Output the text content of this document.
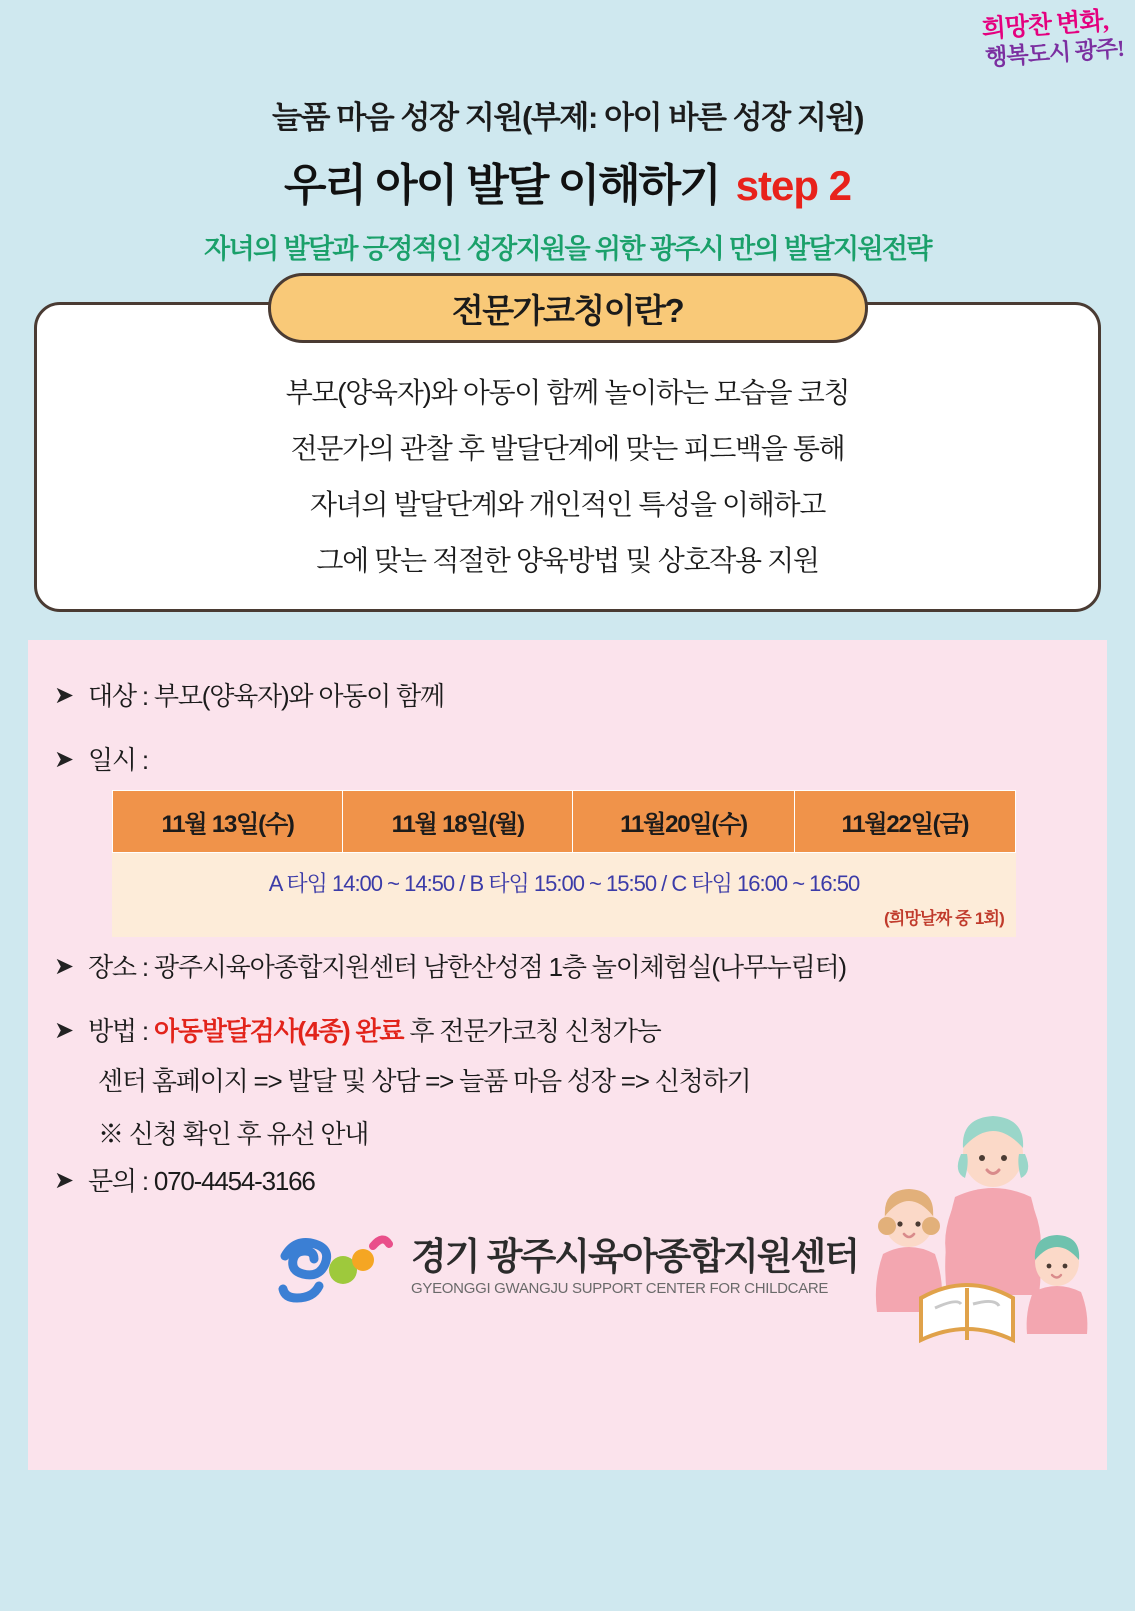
희망찬 변화,
행복도시 광주!
늘품 마음 성장 지원(부제: 아이 바른 성장 지원)
우리 아이 발달 이해하기 step 2
자녀의 발달과 긍정적인 성장지원을 위한 광주시 만의 발달지원전략
전문가코칭이란?

부모(양육자)와 아동이 함께 놀이하는 모습을 코칭

전문가의 관찰 후 발달단계에 맞는 피드백을 통해

자녀의 발달단계와 개인적인 특성을 이해하고

그에 맞는 적절한 양육방법 및 상호작용 지원

➤ 대상 : 부모(양육자)와 아동이 함께
➤ 일시 :
11월 13일(수)	11월 18일(월)	11월20일(수)	11월22일(금)
A 타임 14:00 ~ 14:50 / B 타임 15:00 ~ 15:50 / C 타임 16:00 ~ 16:50
(희망날짜 중 1회)
➤ 장소 : 광주시육아종합지원센터 남한산성점 1층 놀이체험실(나무누림터)
➤ 방법 : 아동발달검사(4종) 완료 후 전문가코칭 신청가능
센터 홈페이지 => 발달 및 상담 => 늘품 마음 성장 => 신청하기
※ 신청 확인 후 유선 안내
➤ 문의 : 070-4454-3166
경기 광주시육아종합지원센터
GYEONGGI GWANGJU SUPPORT CENTER FOR CHILDCARE
